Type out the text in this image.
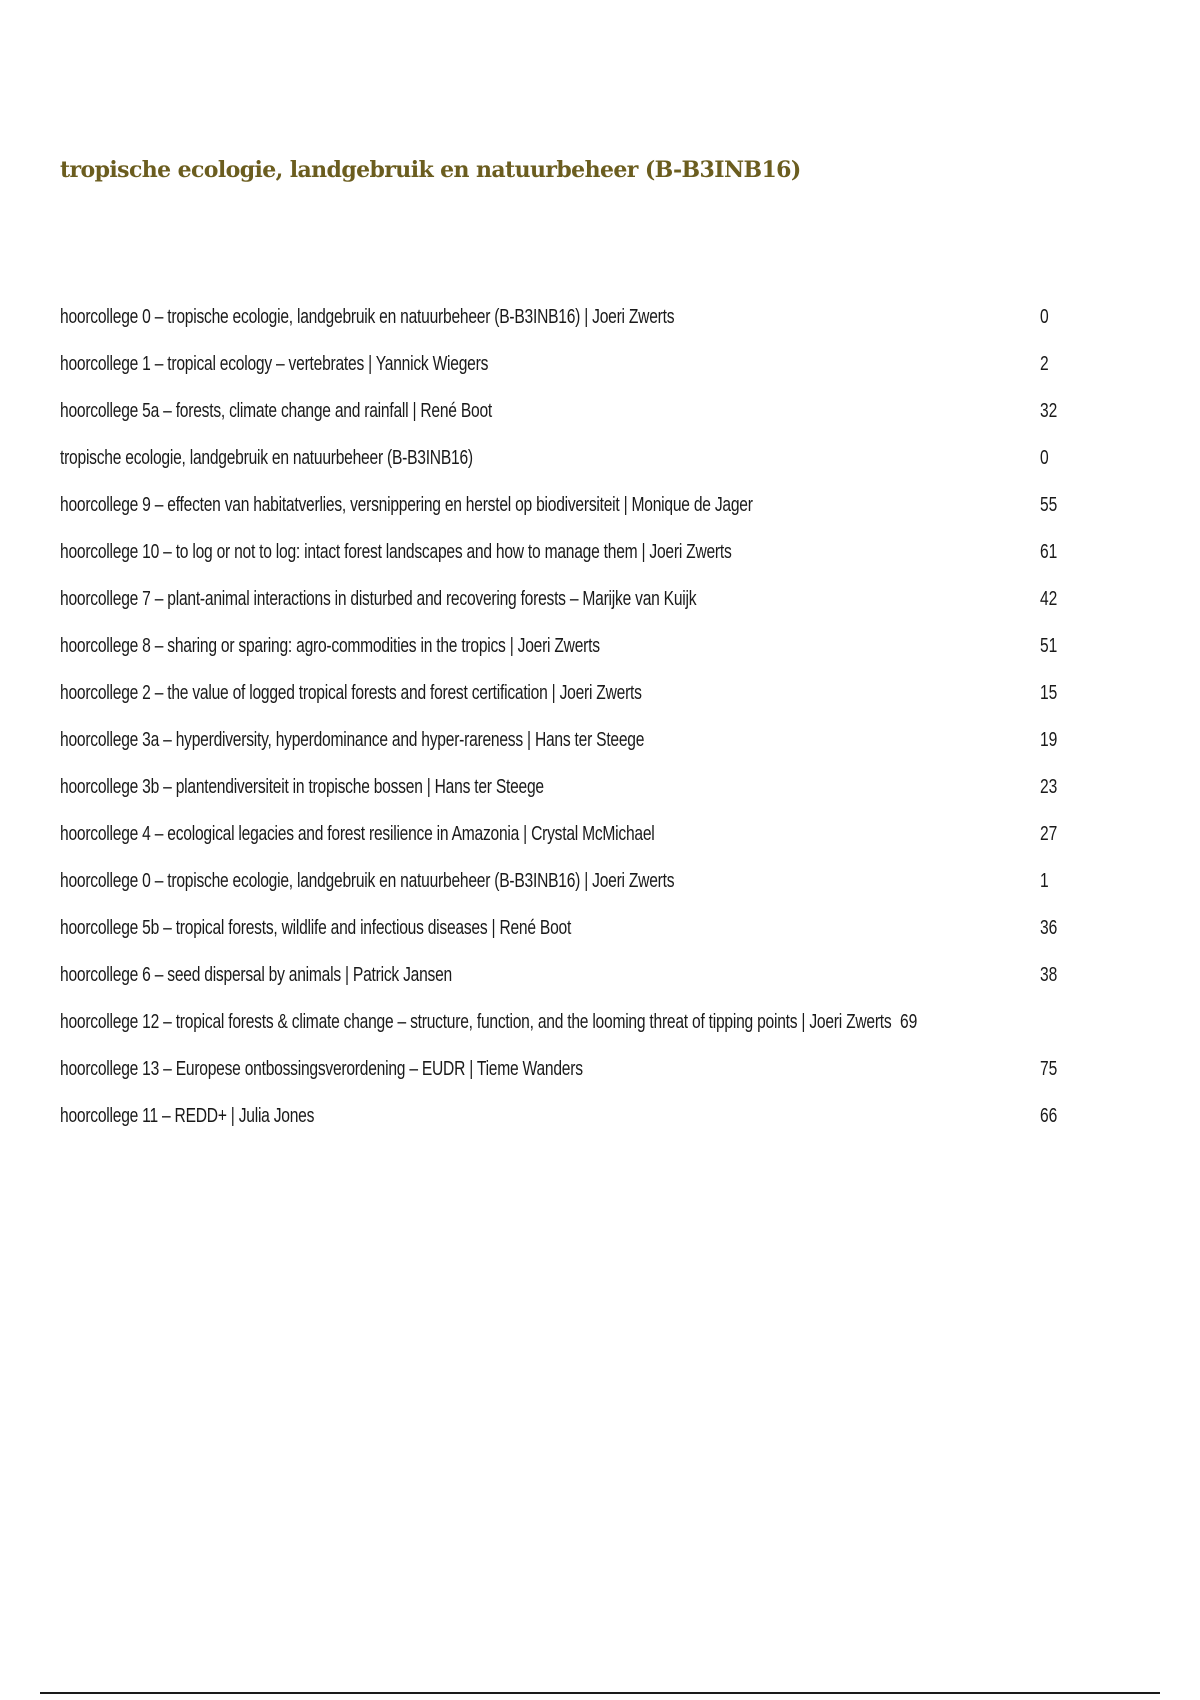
tropische ecologie, landgebruik en natuurbeheer (B-B3INB16)
hoorcollege 0 – tropische ecologie, landgebruik en natuurbeheer (B-B3INB16) | Joeri Zwerts	0
hoorcollege 1 – tropical ecology – vertebrates | Yannick Wiegers	2
hoorcollege 5a – forests, climate change and rainfall | René Boot	32
tropische ecologie, landgebruik en natuurbeheer (B-B3INB16)	0
hoorcollege 9 – effecten van habitatverlies, versnippering en herstel op biodiversiteit | Monique de Jager	55
hoorcollege 10 – to log or not to log: intact forest landscapes and how to manage them | Joeri Zwerts	61
hoorcollege 7 – plant-animal interactions in disturbed and recovering forests – Marijke van Kuijk	42
hoorcollege 8 – sharing or sparing: agro-commodities in the tropics | Joeri Zwerts	51
hoorcollege 2 – the value of logged tropical forests and forest certification | Joeri Zwerts	15
hoorcollege 3a – hyperdiversity, hyperdominance and hyper-rareness | Hans ter Steege	19
hoorcollege 3b – plantendiversiteit in tropische bossen | Hans ter Steege	23
hoorcollege 4 – ecological legacies and forest resilience in Amazonia | Crystal McMichael	27
hoorcollege 0 – tropische ecologie, landgebruik en natuurbeheer (B-B3INB16) | Joeri Zwerts	1
hoorcollege 5b – tropical forests, wildlife and infectious diseases | René Boot	36
hoorcollege 6 – seed dispersal by animals | Patrick Jansen	38
hoorcollege 12 – tropical forests & climate change – structure, function, and the looming threat of tipping points | Joeri Zwerts 69
hoorcollege 13 – Europese ontbossingsverordening – EUDR | Tieme Wanders	75
hoorcollege 11 – REDD+ | Julia Jones	66
